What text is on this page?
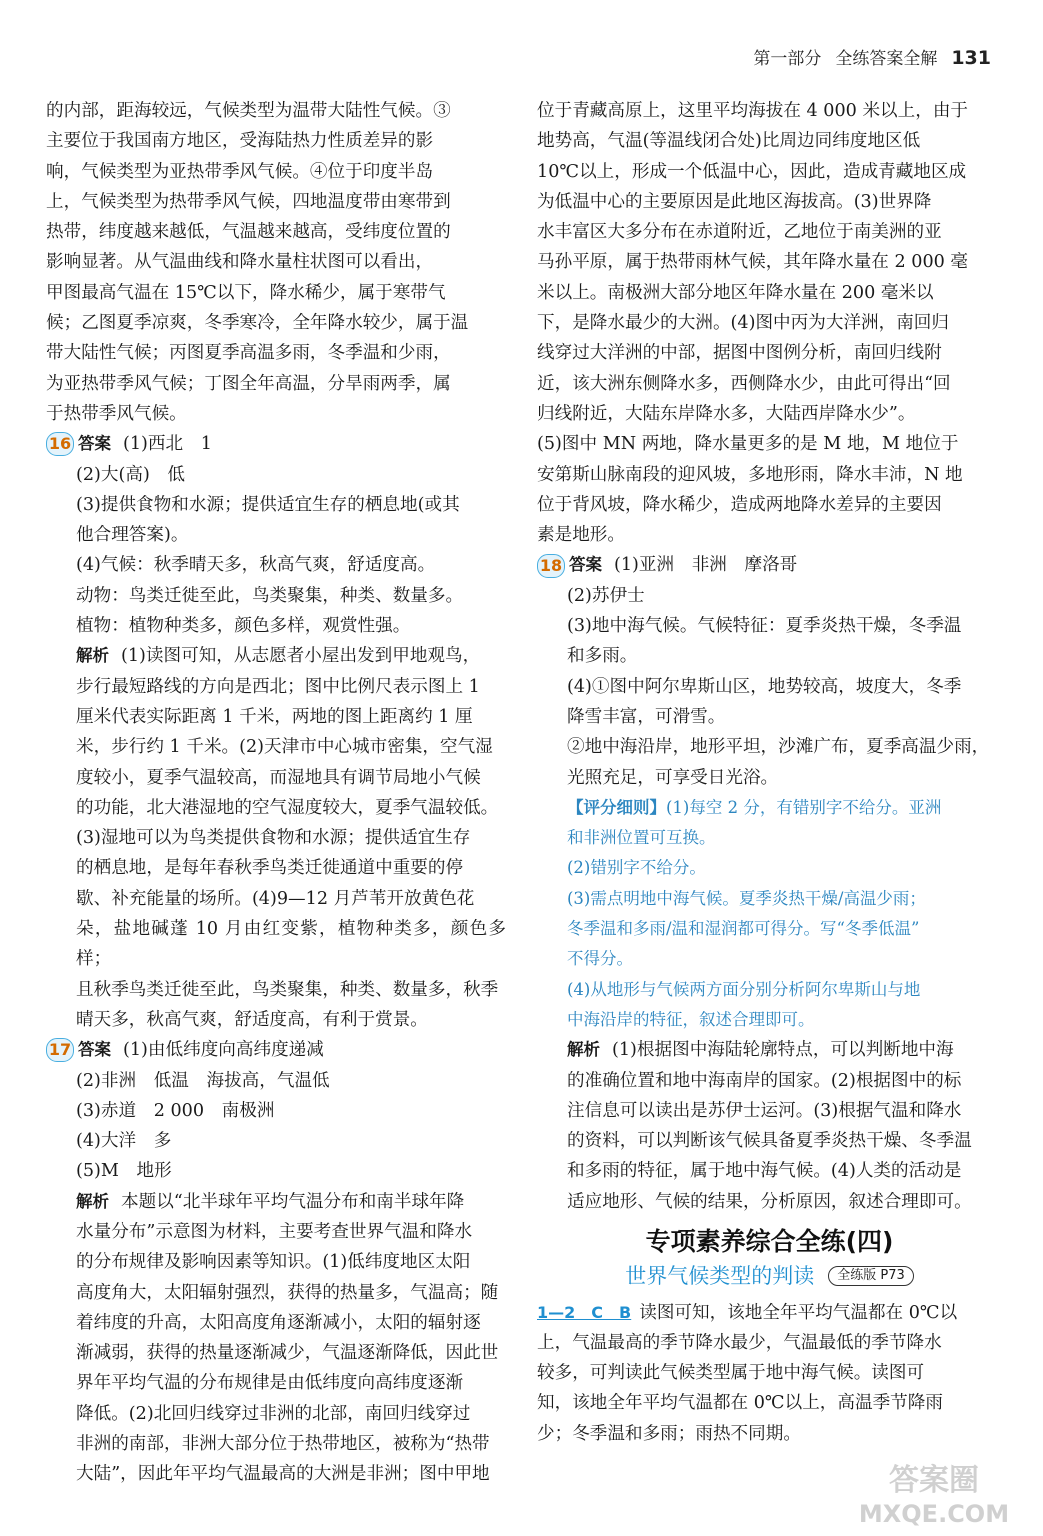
第一部分 全练答案全解 131

的内部，距海较远，气候类型为温带大陆性气候。③

主要位于我国南方地区，受海陆热力性质差异的影

响，气候类型为亚热带季风气候。④位于印度半岛

上，气候类型为热带季风气候，四地温度带由寒带到

热带，纬度越来越低，气温越来越高，受纬度位置的

影响显著。从气温曲线和降水量柱状图可以看出，

甲图最高气温在 15℃以下，降水稀少，属于寒带气

候；乙图夏季凉爽，冬季寒冷，全年降水较少，属于温

带大陆性气候；丙图夏季高温多雨，冬季温和少雨，

为亚热带季风气候；丁图全年高温，分旱雨两季，属

于热带季风气候。

16 答案 (1)西北　1

(2)大(高)　低

(3)提供食物和水源；提供适宜生存的栖息地(或其

他合理答案)。

(4)气候：秋季晴天多，秋高气爽，舒适度高。

动物：鸟类迁徙至此，鸟类聚集，种类、数量多。

植物：植物种类多，颜色多样，观赏性强。

解析 (1)读图可知，从志愿者小屋出发到甲地观鸟，

步行最短路线的方向是西北；图中比例尺表示图上 1

厘米代表实际距离 1 千米，两地的图上距离约 1 厘

米，步行约 1 千米。(2)天津市中心城市密集，空气湿

度较小，夏季气温较高，而湿地具有调节局地小气候

的功能，北大港湿地的空气湿度较大，夏季气温较低。

(3)湿地可以为鸟类提供食物和水源；提供适宜生存

的栖息地，是每年春秋季鸟类迁徙通道中重要的停

歇、补充能量的场所。(4)9—12 月芦苇开放黄色花

朵，盐地碱蓬 10 月由红变紫，植物种类多，颜色多样；

且秋季鸟类迁徙至此，鸟类聚集，种类、数量多，秋季

晴天多，秋高气爽，舒适度高，有利于赏景。

17 答案 (1)由低纬度向高纬度递减

(2)非洲　低温　海拔高，气温低

(3)赤道　2 000　南极洲

(4)大洋　多

(5)M　地形

解析 本题以“北半球年平均气温分布和南半球年降

水量分布”示意图为材料，主要考查世界气温和降水

的分布规律及影响因素等知识。(1)低纬度地区太阳

高度角大，太阳辐射强烈，获得的热量多，气温高；随

着纬度的升高，太阳高度角逐渐减小，太阳的辐射逐

渐减弱，获得的热量逐渐减少，气温逐渐降低，因此世

界年平均气温的分布规律是由低纬度向高纬度逐渐

降低。(2)北回归线穿过非洲的北部，南回归线穿过

非洲的南部，非洲大部分位于热带地区，被称为“热带

大陆”，因此年平均气温最高的大洲是非洲；图中甲地

位于青藏高原上，这里平均海拔在 4 000 米以上，由于

地势高，气温(等温线闭合处)比周边同纬度地区低

10℃以上，形成一个低温中心，因此，造成青藏地区成

为低温中心的主要原因是此地区海拔高。(3)世界降

水丰富区大多分布在赤道附近，乙地位于南美洲的亚

马孙平原，属于热带雨林气候，其年降水量在 2 000 毫

米以上。南极洲大部分地区年降水量在 200 毫米以

下，是降水最少的大洲。(4)图中丙为大洋洲，南回归

线穿过大洋洲的中部，据图中图例分析，南回归线附

近，该大洲东侧降水多，西侧降水少，由此可得出“回

归线附近，大陆东岸降水多，大陆西岸降水少”。

(5)图中 MN 两地，降水量更多的是 M 地，M 地位于

安第斯山脉南段的迎风坡，多地形雨，降水丰沛，N 地

位于背风坡，降水稀少，造成两地降水差异的主要因

素是地形。

18 答案 (1)亚洲　非洲　摩洛哥

(2)苏伊士

(3)地中海气候。气候特征：夏季炎热干燥，冬季温

和多雨。

(4)①图中阿尔卑斯山区，地势较高，坡度大，冬季

降雪丰富，可滑雪。

②地中海沿岸，地形平坦，沙滩广布，夏季高温少雨，

光照充足，可享受日光浴。

【评分细则】(1)每空 2 分，有错别字不给分。亚洲

和非洲位置可互换。

(2)错别字不给分。

(3)需点明地中海气候。夏季炎热干燥/高温少雨；

冬季温和多雨/温和湿润都可得分。写“冬季低温”

不得分。

(4)从地形与气候两方面分别分析阿尔卑斯山与地

中海沿岸的特征，叙述合理即可。

解析 (1)根据图中海陆轮廓特点，可以判断地中海

的准确位置和地中海南岸的国家。(2)根据图中的标

注信息可以读出是苏伊士运河。(3)根据气温和降水

的资料，可以判断该气候具备夏季炎热干燥、冬季温

和多雨的特征，属于地中海气候。(4)人类的活动是

适应地形、气候的结果，分析原因，叙述合理即可。

专项素养综合全练(四)
世界气候类型的判读	全练版 P73

1—2　C　B 读图可知，该地全年平均气温都在 0℃以

上，气温最高的季节降水最少，气温最低的季节降水

较多，可判读此气候类型属于地中海气候。读图可

知，该地全年平均气温都在 0℃以上，高温季节降雨

少；冬季温和多雨；雨热不同期。

答案圈
MXQE.COM
